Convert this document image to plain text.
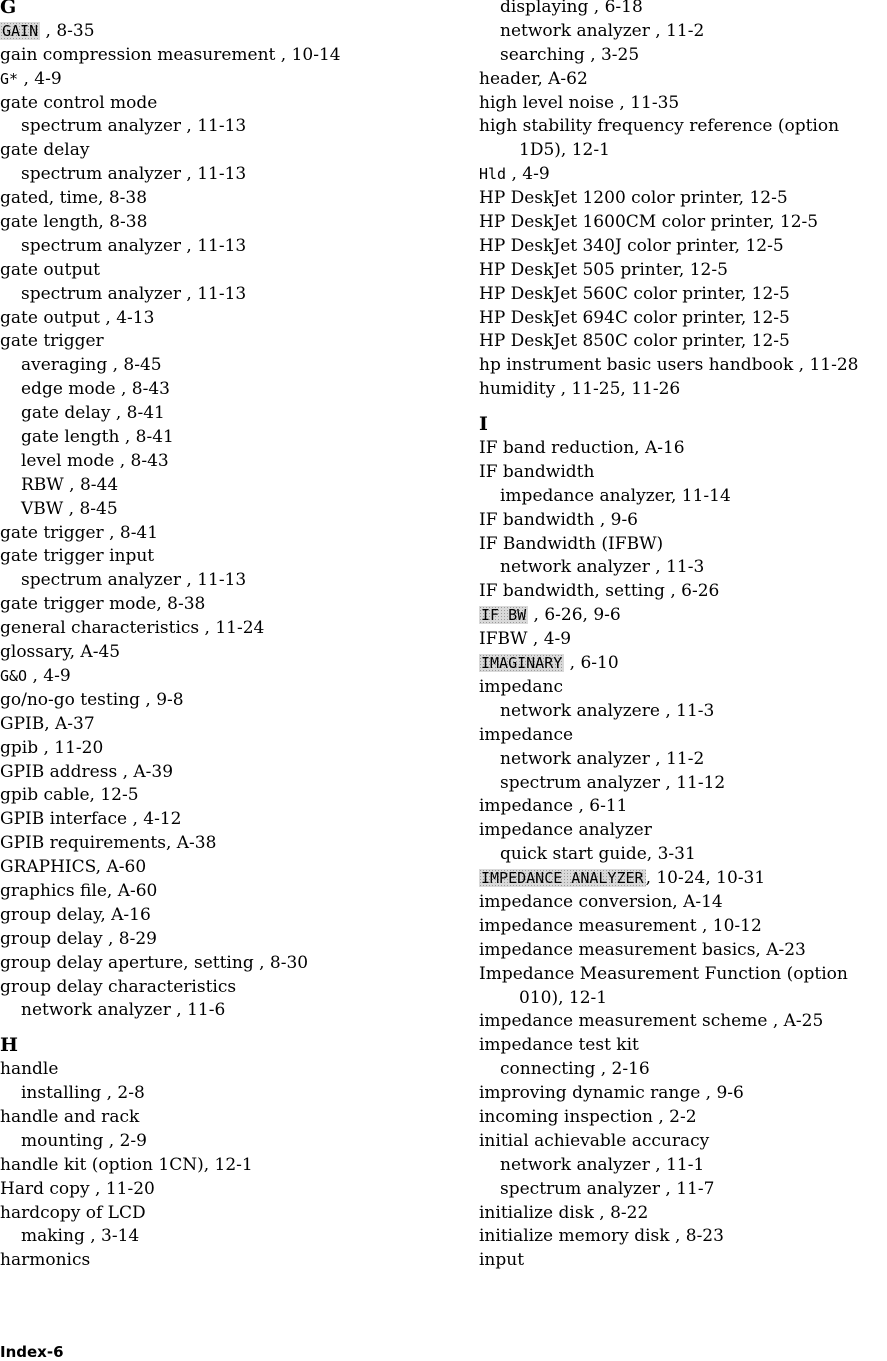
G
GAIN , 8-35
gain compression measurement , 10-14
G* , 4-9
gate control mode
spectrum analyzer , 11-13
gate delay
spectrum analyzer , 11-13
gated, time, 8-38
gate length, 8-38
spectrum analyzer , 11-13
gate output
spectrum analyzer , 11-13
gate output , 4-13
gate trigger
averaging , 8-45
edge mode , 8-43
gate delay , 8-41
gate length , 8-41
level mode , 8-43
RBW , 8-44
VBW , 8-45
gate trigger , 8-41
gate trigger input
spectrum analyzer , 11-13
gate trigger mode, 8-38
general characteristics , 11-24
glossary, A-45
G&O , 4-9
go/no-go testing , 9-8
GPIB, A-37
gpib , 11-20
GPIB address , A-39
gpib cable, 12-5
GPIB interface , 4-12
GPIB requirements, A-38
GRAPHICS, A-60
graphics file, A-60
group delay, A-16
group delay , 8-29
group delay aperture, setting , 8-30
group delay characteristics
network analyzer , 11-6
H
handle
installing , 2-8
handle and rack
mounting , 2-9
handle kit (option 1CN), 12-1
Hard copy , 11-20
hardcopy of LCD
making , 3-14
harmonics
displaying , 6-18
network analyzer , 11-2
searching , 3-25
header, A-62
high level noise , 11-35
high stability frequency reference (option
1D5), 12-1
Hld , 4-9
HP DeskJet 1200 color printer, 12-5
HP DeskJet 1600CM color printer, 12-5
HP DeskJet 340J color printer, 12-5
HP DeskJet 505 printer, 12-5
HP DeskJet 560C color printer, 12-5
HP DeskJet 694C color printer, 12-5
HP DeskJet 850C color printer, 12-5
hp instrument basic users handbook , 11-28
humidity , 11-25, 11-26
I
IF band reduction, A-16
IF bandwidth
impedance analyzer, 11-14
IF bandwidth , 9-6
IF Bandwidth (IFBW)
network analyzer , 11-3
IF bandwidth, setting , 6-26
IF BW , 6-26, 9-6
IFBW , 4-9
IMAGINARY , 6-10
impedanc
network analyzere , 11-3
impedance
network analyzer , 11-2
spectrum analyzer , 11-12
impedance , 6-11
impedance analyzer
quick start guide, 3-31
IMPEDANCE ANALYZER , 10-24, 10-31
impedance conversion, A-14
impedance measurement , 10-12
impedance measurement basics, A-23
Impedance Measurement Function (option
010), 12-1
impedance measurement scheme , A-25
impedance test kit
connecting , 2-16
improving dynamic range , 9-6
incoming inspection , 2-2
initial achievable accuracy
network analyzer , 11-1
spectrum analyzer , 11-7
initialize disk , 8-22
initialize memory disk , 8-23
input
Index-6
